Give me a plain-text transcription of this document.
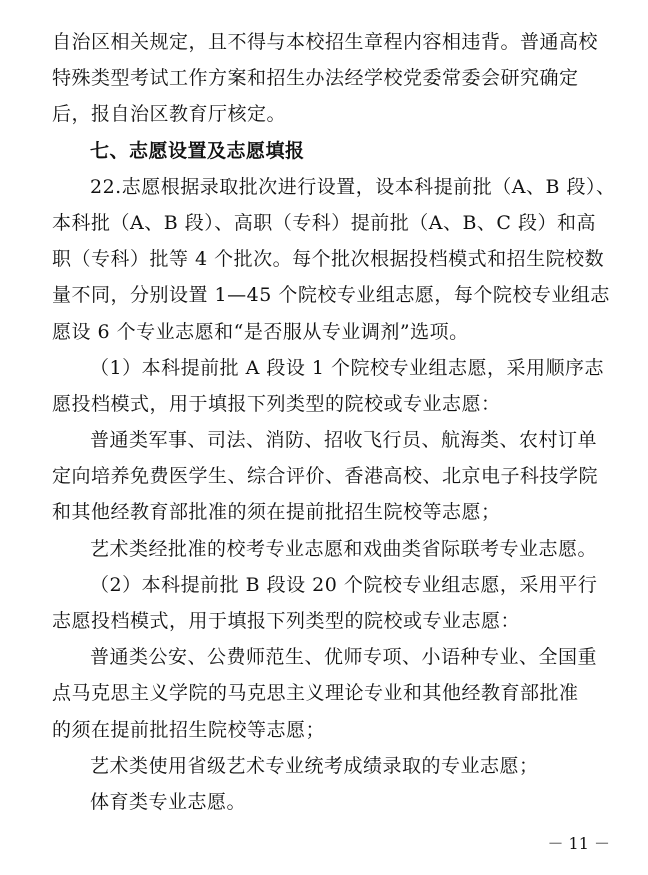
自治区相关规定，且不得与本校招生章程内容相违背。普通高校
特殊类型考试工作方案和招生办法经学校党委常委会研究确定
后，报自治区教育厅核定。
七、志愿设置及志愿填报
22.志愿根据录取批次进行设置，设本科提前批（A、B 段）、
本科批（A、B 段）、高职（专科）提前批（A、B、C 段）和高
职（专科）批等 4 个批次。每个批次根据投档模式和招生院校数
量不同，分别设置 1—45 个院校专业组志愿，每个院校专业组志
愿设 6 个专业志愿和“是否服从专业调剂”选项。
（1）本科提前批 A 段设 1 个院校专业组志愿，采用顺序志
愿投档模式，用于填报下列类型的院校或专业志愿：
普通类军事、司法、消防、招收飞行员、航海类、农村订单
定向培养免费医学生、综合评价、香港高校、北京电子科技学院
和其他经教育部批准的须在提前批招生院校等志愿；
艺术类经批准的校考专业志愿和戏曲类省际联考专业志愿。
（2）本科提前批 B 段设 20 个院校专业组志愿，采用平行
志愿投档模式，用于填报下列类型的院校或专业志愿：
普通类公安、公费师范生、优师专项、小语种专业、全国重
点马克思主义学院的马克思主义理论专业和其他经教育部批准
的须在提前批招生院校等志愿；
艺术类使用省级艺术专业统考成绩录取的专业志愿；
体育类专业志愿。
－ 11 －
